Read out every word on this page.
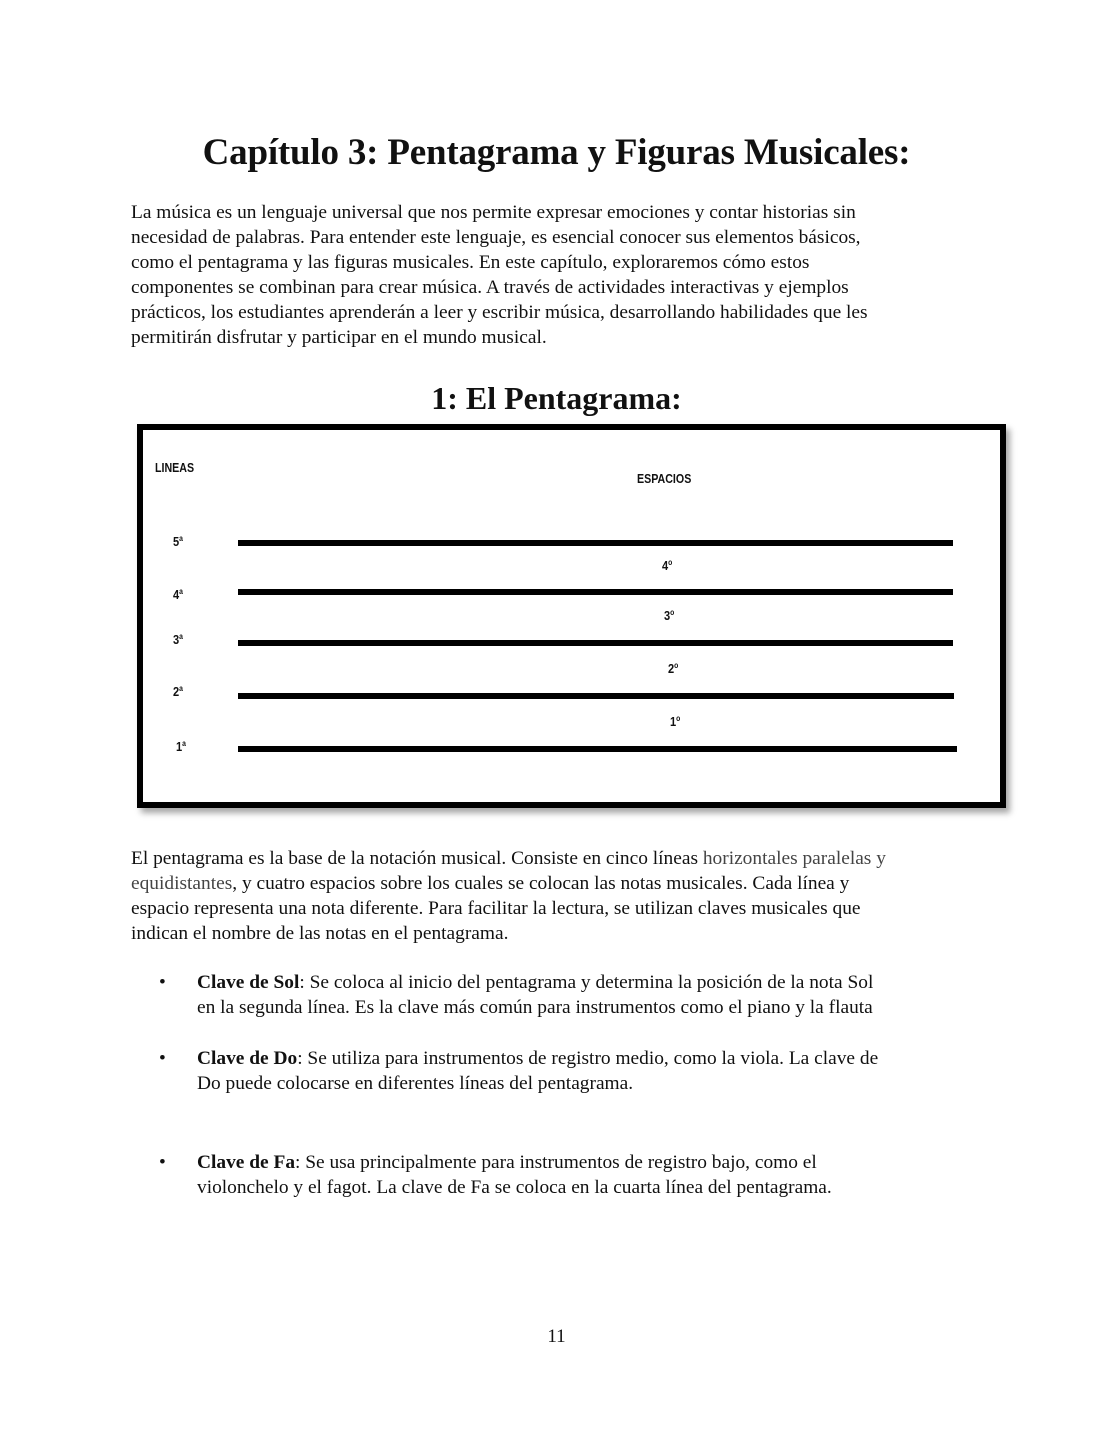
Capítulo 3: Pentagrama y Figuras Musicales:
La música es un lenguaje universal que nos permite expresar emociones y contar historias sin
necesidad de palabras. Para entender este lenguaje, es esencial conocer sus elementos básicos,
como el pentagrama y las figuras musicales. En este capítulo, exploraremos cómo estos
componentes se combinan para crear música. A través de actividades interactivas y ejemplos
prácticos, los estudiantes aprenderán a leer y escribir música, desarrollando habilidades que les
permitirán disfrutar y participar en el mundo musical.
1: El Pentagrama:
LINEAS
ESPACIOS
5$^a$
4$^a$
3$^a$
2$^a$
1$^a$
4$^o$
3$^o$
2$^o$
1$^o$
El pentagrama es la base de la notación musical. Consiste en cinco líneas horizontales paralelas y
equidistantes, y cuatro espacios sobre los cuales se colocan las notas musicales. Cada línea y
espacio representa una nota diferente. Para facilitar la lectura, se utilizan claves musicales que
indican el nombre de las notas en el pentagrama.
• Clave de Sol: Se coloca al inicio del pentagrama y determina la posición de la nota Sol
en la segunda línea. Es la clave más común para instrumentos como el piano y la flauta
• Clave de Do: Se utiliza para instrumentos de registro medio, como la viola. La clave de
Do puede colocarse en diferentes líneas del pentagrama.
• Clave de Fa: Se usa principalmente para instrumentos de registro bajo, como el
violonchelo y el fagot. La clave de Fa se coloca en la cuarta línea del pentagrama.
11
